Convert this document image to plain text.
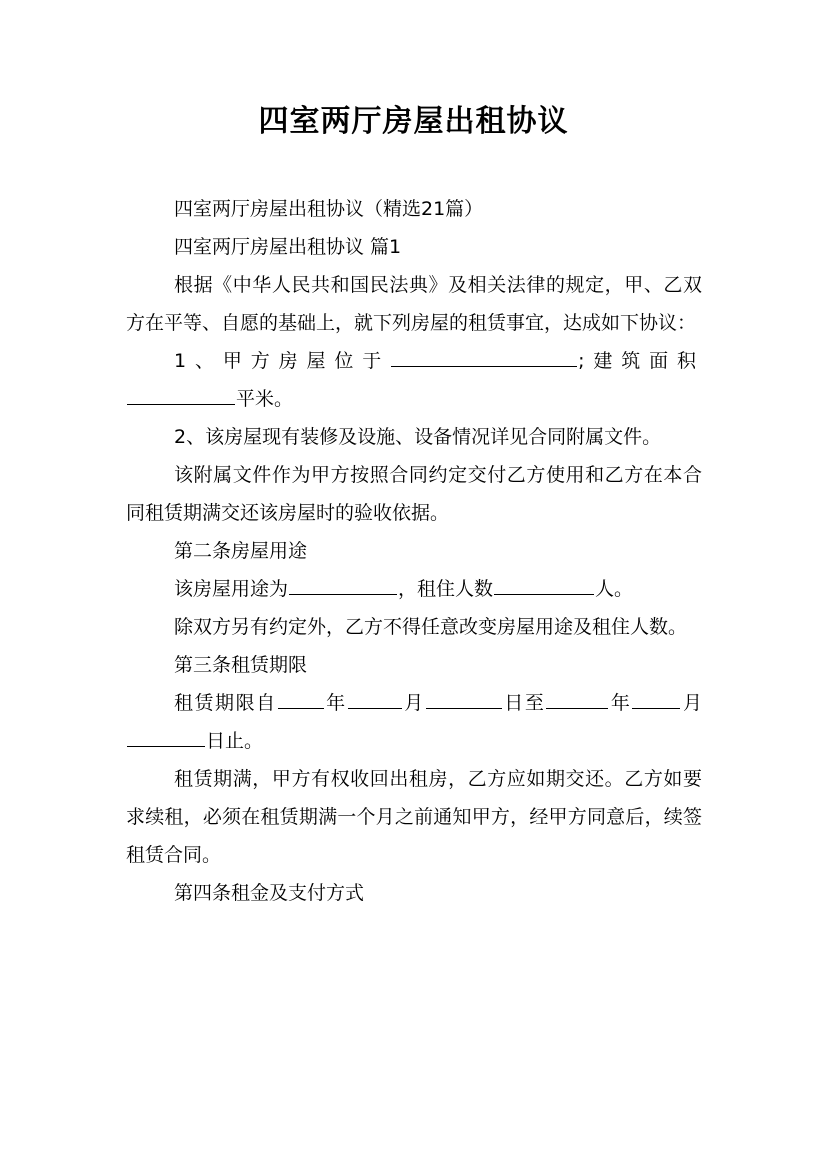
四室两厅房屋出租协议

四室两厅房屋出租协议（精选21篇）

四室两厅房屋出租协议 篇1

根据《中华人民共和国民法典》及相关法律的规定，甲、乙双方在平等、自愿的基础上，就下列房屋的租赁事宜，达成如下协议：

1、甲方房屋位于	;建筑面积平米。

2、该房屋现有装修及设施、设备情况详见合同附属文件。

该附属文件作为甲方按照合同约定交付乙方使用和乙方在本合同租赁期满交还该房屋时的验收依据。

第二条房屋用途

该房屋用途为	，租住人数	人。

除双方另有约定外，乙方不得任意改变房屋用途及租住人数。

第三条租赁期限

租赁期限自	年	月	日至	年	月日止。

租赁期满，甲方有权收回出租房，乙方应如期交还。乙方如要求续租，必须在租赁期满一个月之前通知甲方，经甲方同意后，续签租赁合同。

第四条租金及支付方式
